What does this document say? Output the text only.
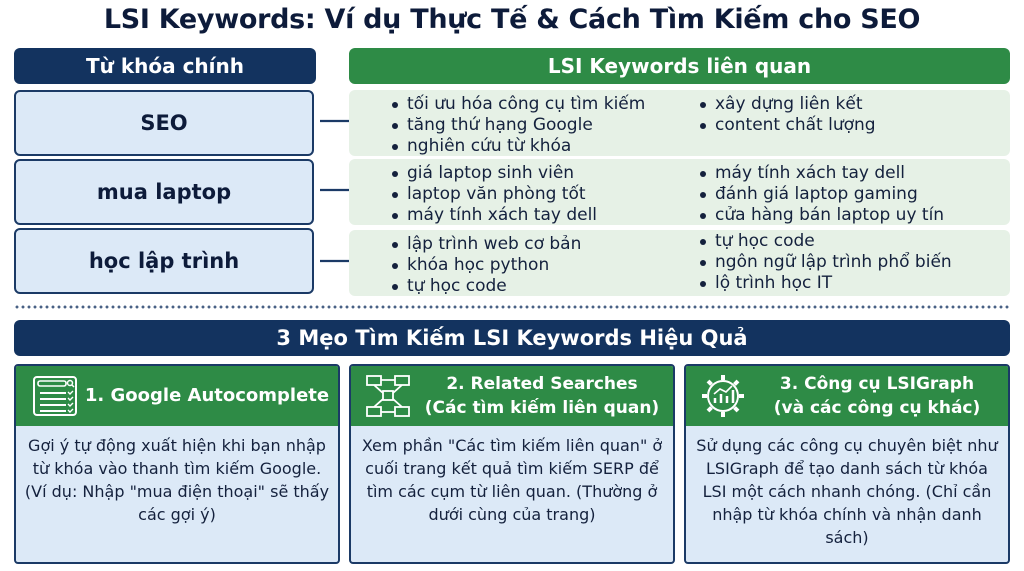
LSI Keywords: Ví dụ Thực Tế & Cách Tìm Kiếm cho SEO
Từ khóa chính	LSI Keywords liên quan
SEO
tối ưu hóa công cụ tìm kiếm
tăng thứ hạng Google
nghiên cứu từ khóa
xây dựng liên kết
content chất lượng
mua laptop
giá laptop sinh viên
laptop văn phòng tốt
máy tính xách tay dell
máy tính xách tay dell
đánh giá laptop gaming
cửa hàng bán laptop uy tín
học lập trình
lập trình web cơ bản
khóa học python
tự học code
tự học code
ngôn ngữ lập trình phổ biến
lộ trình học IT
3 Mẹo Tìm Kiếm LSI Keywords Hiệu Quả
1. Google Autocomplete
Gợi ý tự động xuất hiện khi bạn nhập từ khóa vào thanh tìm kiếm Google. (Ví dụ: Nhập "mua điện thoại" sẽ thấy các gợi ý)
2. Related Searches
(Các tìm kiếm liên quan)
Xem phần "Các tìm kiếm liên quan" ở cuối trang kết quả tìm kiếm SERP để tìm các cụm từ liên quan. (Thường ở dưới cùng của trang)
3. Công cụ LSIGraph
(và các công cụ khác)
Sử dụng các công cụ chuyên biệt như LSIGraph để tạo danh sách từ khóa LSI một cách nhanh chóng. (Chỉ cần nhập từ khóa chính và nhận danh sách)
